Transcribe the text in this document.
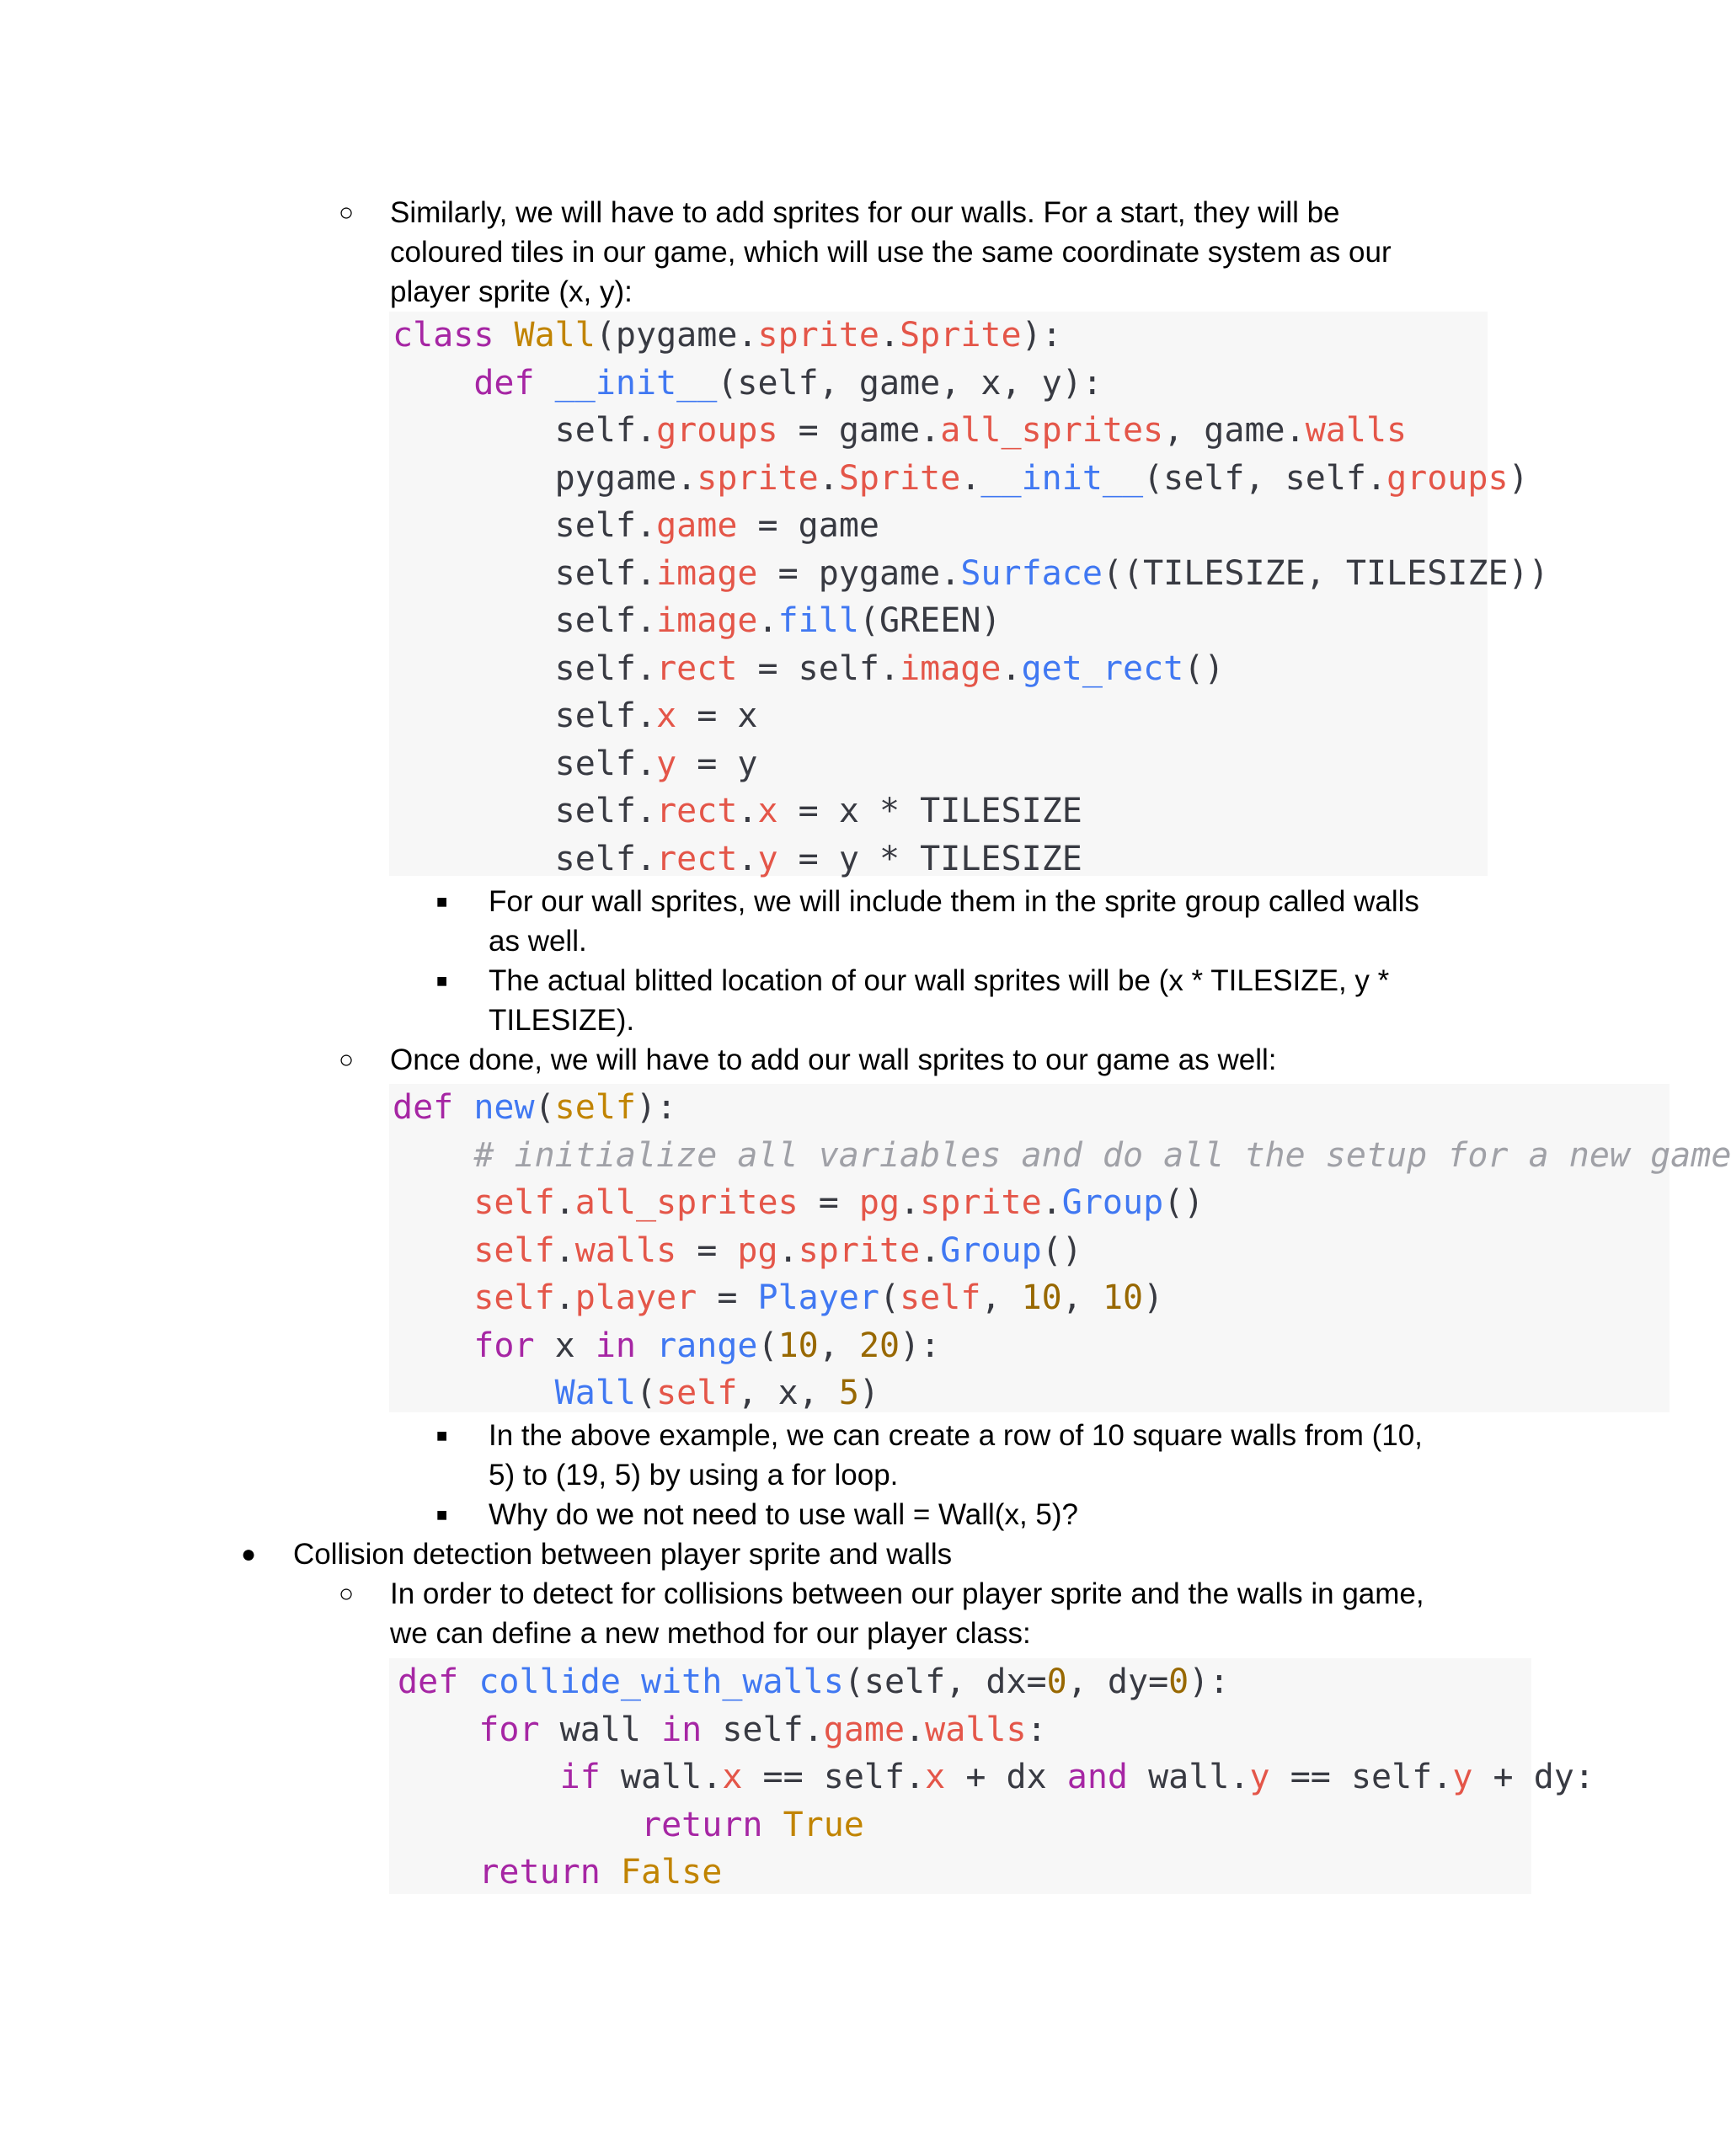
○ Similarly, we will have to add sprites for our walls. For a start, they will be
coloured tiles in our game, which will use the same coordinate system as our
player sprite (x, y):
class Wall(pygame.sprite.Sprite):
def __init__(self, game, x, y):
self.groups = game.all_sprites, game.walls
pygame.sprite.Sprite.__init__(self, self.groups)
self.game = game
self.image = pygame.Surface((TILESIZE, TILESIZE))
self.image.fill(GREEN)
self.rect = self.image.get_rect()
self.x = x
self.y = y
self.rect.x = x * TILESIZE
self.rect.y = y * TILESIZE
■ For our wall sprites, we will include them in the sprite group called walls
as well.
■ The actual blitted location of our wall sprites will be (x * TILESIZE, y *
TILESIZE).
○ Once done, we will have to add our wall sprites to our game as well:
def new(self):
# initialize all variables and do all the setup for a new game
self.all_sprites = pg.sprite.Group()
self.walls = pg.sprite.Group()
self.player = Player(self, 10, 10)
for x in range(10, 20):
Wall(self, x, 5)
■ In the above example, we can create a row of 10 square walls from (10,
5) to (19, 5) by using a for loop.
■ Why do we not need to use wall = Wall(x, 5)?
● Collision detection between player sprite and walls
○ In order to detect for collisions between our player sprite and the walls in game,
we can define a new method for our player class:
def collide_with_walls(self, dx=0, dy=0):
for wall in self.game.walls:
if wall.x == self.x + dx and wall.y == self.y + dy:
return True
return False
